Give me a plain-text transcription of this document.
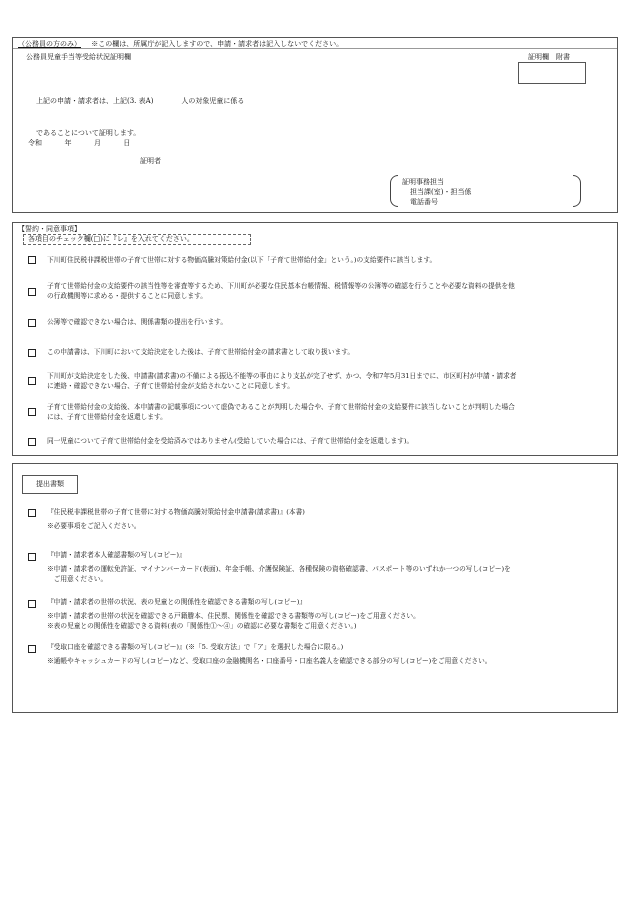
（公務員の方のみ） ※この欄は、所属庁が記入しますので、申請・請求者は記入しないでください。
公務員児童手当等受給状況証明欄	証明欄　附書
上記の申請・請求者は、上記(3. 表A)　　　　人の対象児童に係る
であることについて証明します。
令和	年	月	日
証明者
証明事務担当
担当課(室)・担当係
電話番号
【誓約・同意事項】
各項目のチェック欄(□)に『レ』を入れてください。
下川町住民税非課税世帯の子育て世帯に対する物価高騰対策給付金(以下「子育て世帯給付金」という。)の支給要件に該当します。
子育て世帯給付金の支給要件の該当性等を審査等するため、下川町が必要な住民基本台帳情報、税情報等の公簿等の確認を行うことや必要な資料の提供を他
の行政機関等に求める・提供することに同意します。
公簿等で確認できない場合は、関係書類の提出を行います。
この申請書は、下川町において支給決定をした後は、子育て世帯給付金の請求書として取り扱います。
下川町が支給決定をした後、申請書(請求書)の不備による振込不能等の事由により支払が完了せず、かつ、令和7年5月31日までに、市区町村が申請・請求者
に連絡・確認できない場合、子育て世帯給付金が支給されないことに同意します。
子育て世帯給付金の支給後、本申請書の記載事項について虚偽であることが判明した場合や、子育て世帯給付金の支給要件に該当しないことが判明した場合
には、子育て世帯給付金を返還します。
同一児童について子育て世帯給付金を受給済みではありません(受給していた場合には、子育て世帯給付金を返還します)。
提出書類
『住民税非課税世帯の子育て世帯に対する物価高騰対策給付金申請書(請求書)』(本書)
※必要事項をご記入ください。
『申請・請求者本人確認書類の写し(コピー)』
※申請・請求者の運転免許証、マイナンバーカード(表面)、年金手帳、介護保険証、各種保険の資格確認書、パスポート等のいずれか一つの写し(コピー)を
　ご用意ください。
『申請・請求者の世帯の状況、表の児童との関係性を確認できる書類の写し(コピー)』
※申請・請求者の世帯の状況を確認できる戸籍謄本、住民票、関係性を確認できる書類等の写し(コピー)をご用意ください。
※表の児童との関係性を確認できる資料(表の「関係性①～④」の確認に必要な書類をご用意ください。)
『受取口座を確認できる書類の写し(コピー)』(※「5. 受取方法」で「ア」を選択した場合に限る。)
※通帳やキャッシュカードの写し(コピー)など、受取口座の金融機関名・口座番号・口座名義人を確認できる部分の写し(コピー)をご用意ください。
